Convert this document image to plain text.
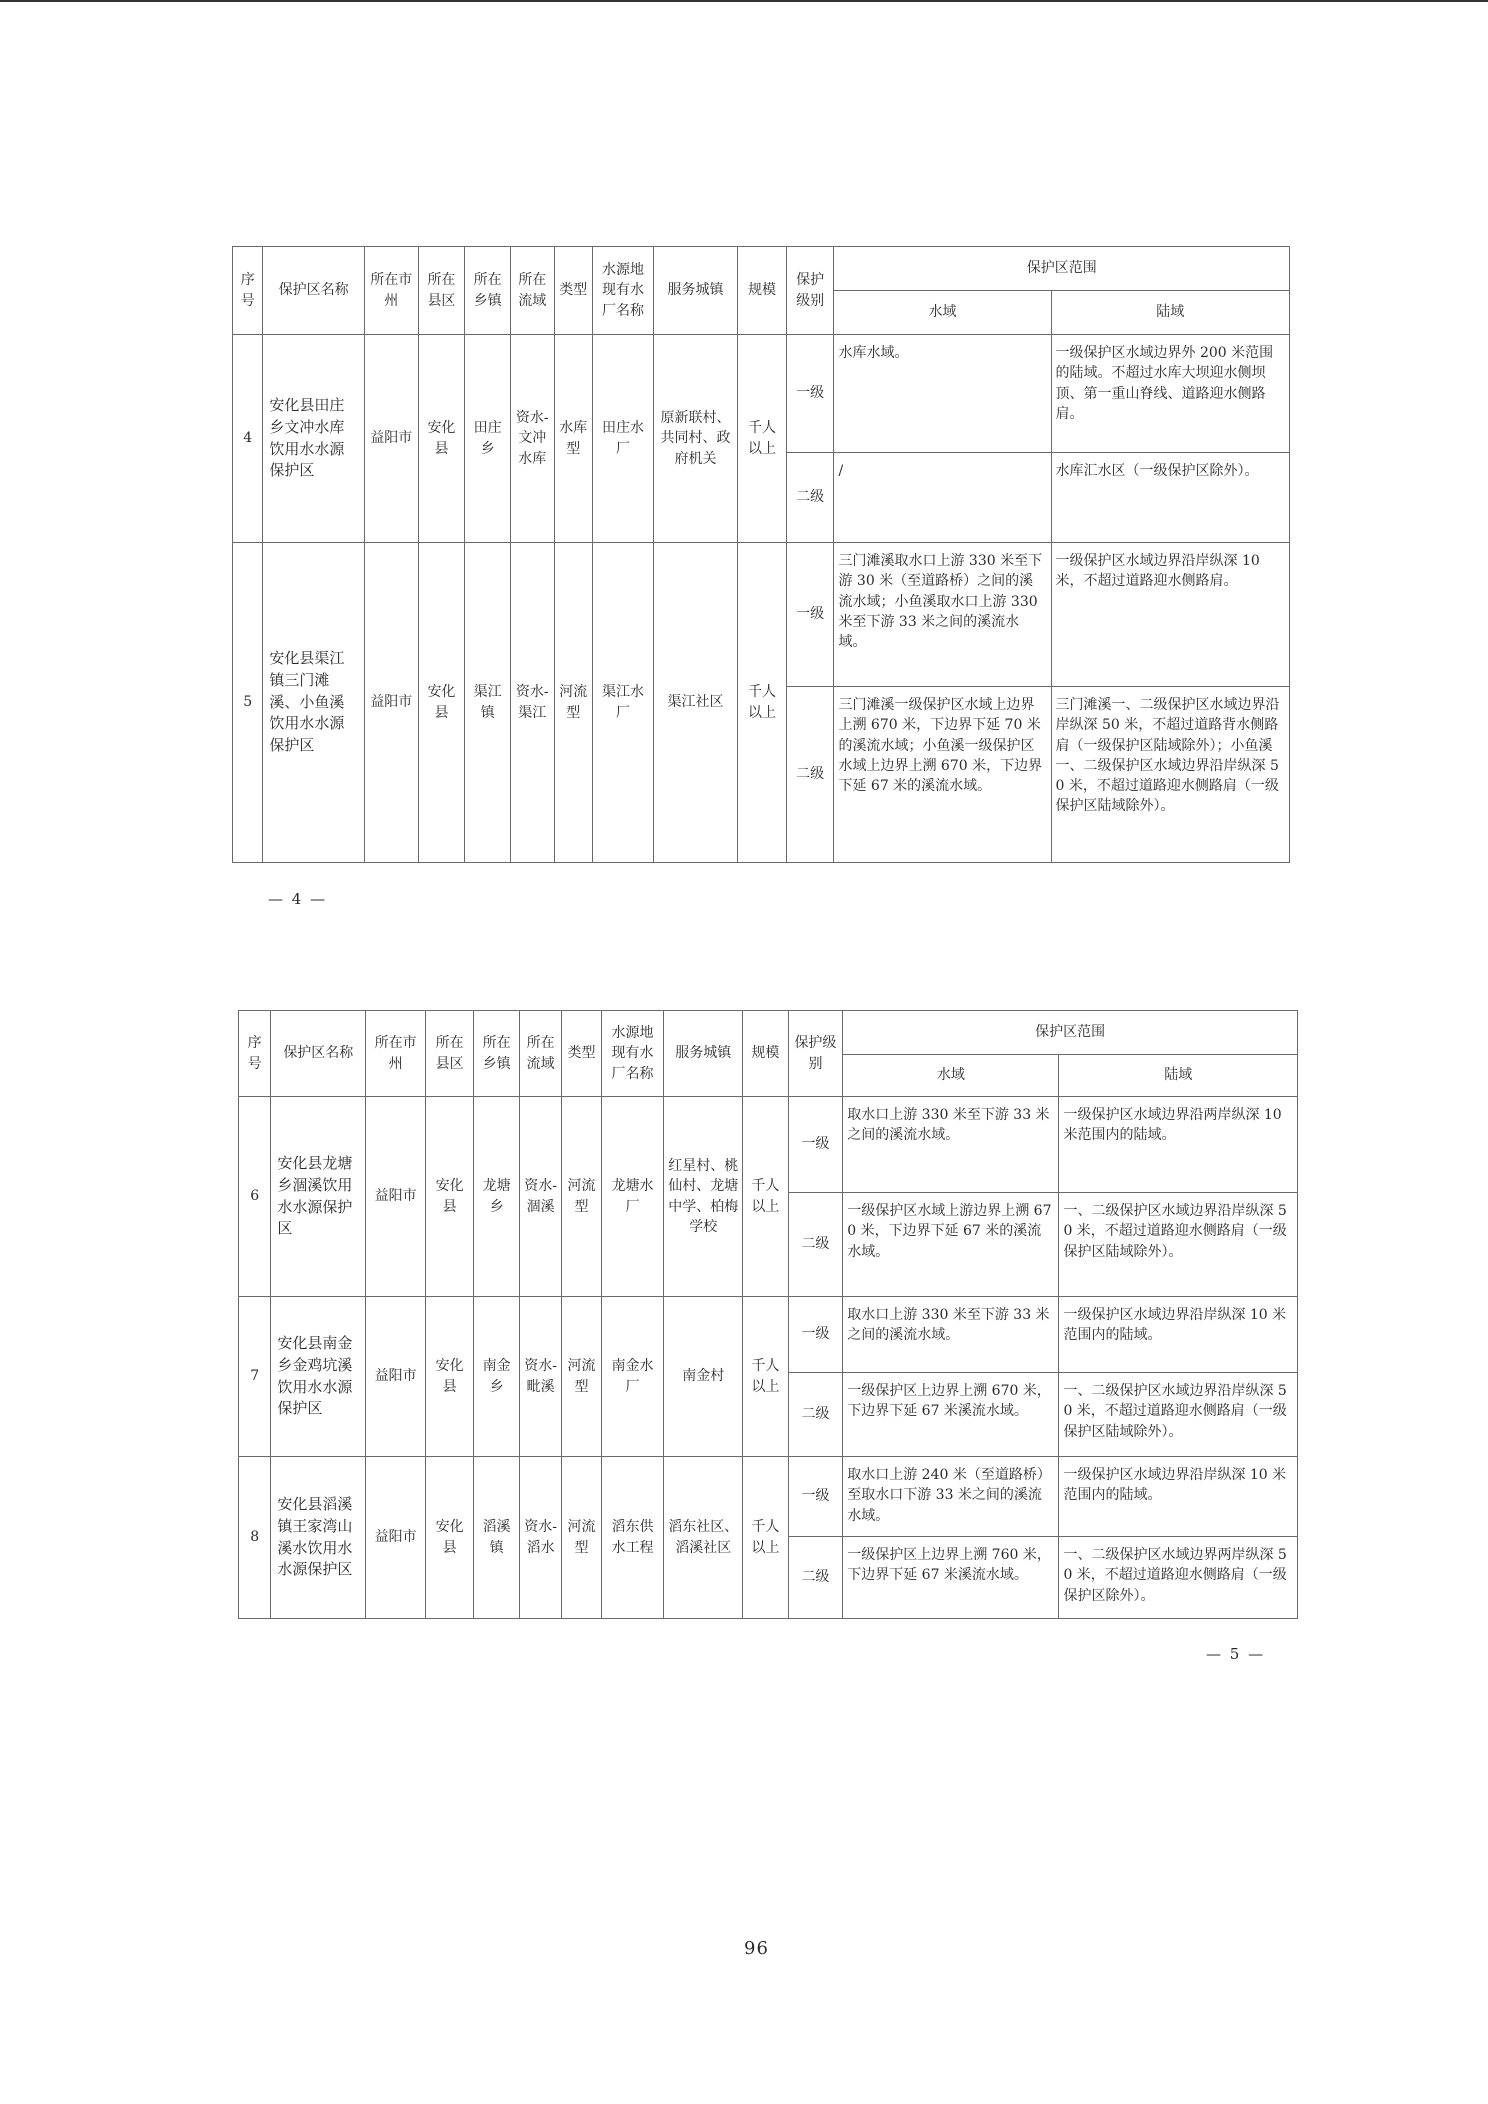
序号	保护区名称	所在市州	所在县区	所在乡镇	所在流域	类型	水源地现有水厂名称	服务城镇	规模	保护级别	保护区范围	
											水域	陆域
4	安化县田庄乡文冲水库饮用水水源保护区	益阳市	安化县	田庄乡	资水-文冲水库	水库型	田庄水厂	原新联村、共同村、政府机关	千人以上	一级	水库水域。	一级保护区水域边界外 200 米范围的陆域。不超过水库大坝迎水侧坝顶、第一重山脊线、道路迎水侧路肩。
										二级	/	水库汇水区（一级保护区除外）。
5	安化县渠江镇三门滩溪、小鱼溪饮用水水源保护区	益阳市	安化县	渠江镇	资水-渠江	河流型	渠江水厂	渠江社区	千人以上	一级	三门滩溪取水口上游 330 米至下游 30 米（至道路桥）之间的溪流水域；小鱼溪取水口上游 330 米至下游 33 米之间的溪流水域。	一级保护区水域边界沿岸纵深 10 米，不超过道路迎水侧路肩。
										二级	三门滩溪一级保护区水域上边界上溯 670 米，下边界下延 70 米的溪流水域；小鱼溪一级保护区水域上边界上溯 670 米，下边界下延 67 米的溪流水域。	三门滩溪一、二级保护区水域边界沿岸纵深 50 米，不超过道路背水侧路肩（一级保护区陆域除外）；小鱼溪一、二级保护区水域边界沿岸纵深 50 米，不超过道路迎水侧路肩（一级保护区陆域除外）。
— 4 —
序号	保护区名称	所在市州	所在县区	所在乡镇	所在流域	类型	水源地现有水厂名称	服务城镇	规模	保护级别	保护区范围	
											水域	陆域
6	安化县龙塘乡涸溪饮用水水源保护区	益阳市	安化县	龙塘乡	资水-涸溪	河流型	龙塘水厂	红星村、桃仙村、龙塘中学、柏梅学校	千人以上	一级	取水口上游 330 米至下游 33 米之间的溪流水域。	一级保护区水域边界沿两岸纵深 10 米范围内的陆域。
										二级	一级保护区水域上游边界上溯 670 米，下边界下延 67 米的溪流水域。	一、二级保护区水域边界沿岸纵深 50 米，不超过道路迎水侧路肩（一级保护区陆域除外）。
7	安化县南金乡金鸡坑溪饮用水水源保护区	益阳市	安化县	南金乡	资水-毗溪	河流型	南金水厂	南金村	千人以上	一级	取水口上游 330 米至下游 33 米之间的溪流水域。	一级保护区水域边界沿岸纵深 10 米范围内的陆域。
										二级	一级保护区上边界上溯 670 米，下边界下延 67 米溪流水域。	一、二级保护区水域边界沿岸纵深 50 米，不超过道路迎水侧路肩（一级保护区陆域除外）。
8	安化县滔溪镇王家湾山溪水饮用水水源保护区	益阳市	安化县	滔溪镇	资水-滔水	河流型	滔东供水工程	滔东社区、滔溪社区	千人以上	一级	取水口上游 240 米（至道路桥）至取水口下游 33 米之间的溪流水域。	一级保护区水域边界沿岸纵深 10 米范围内的陆域。
										二级	一级保护区上边界上溯 760 米，下边界下延 67 米溪流水域。	一、二级保护区水域边界两岸纵深 50 米，不超过道路迎水侧路肩（一级保护区除外）。
— 5 —
96
